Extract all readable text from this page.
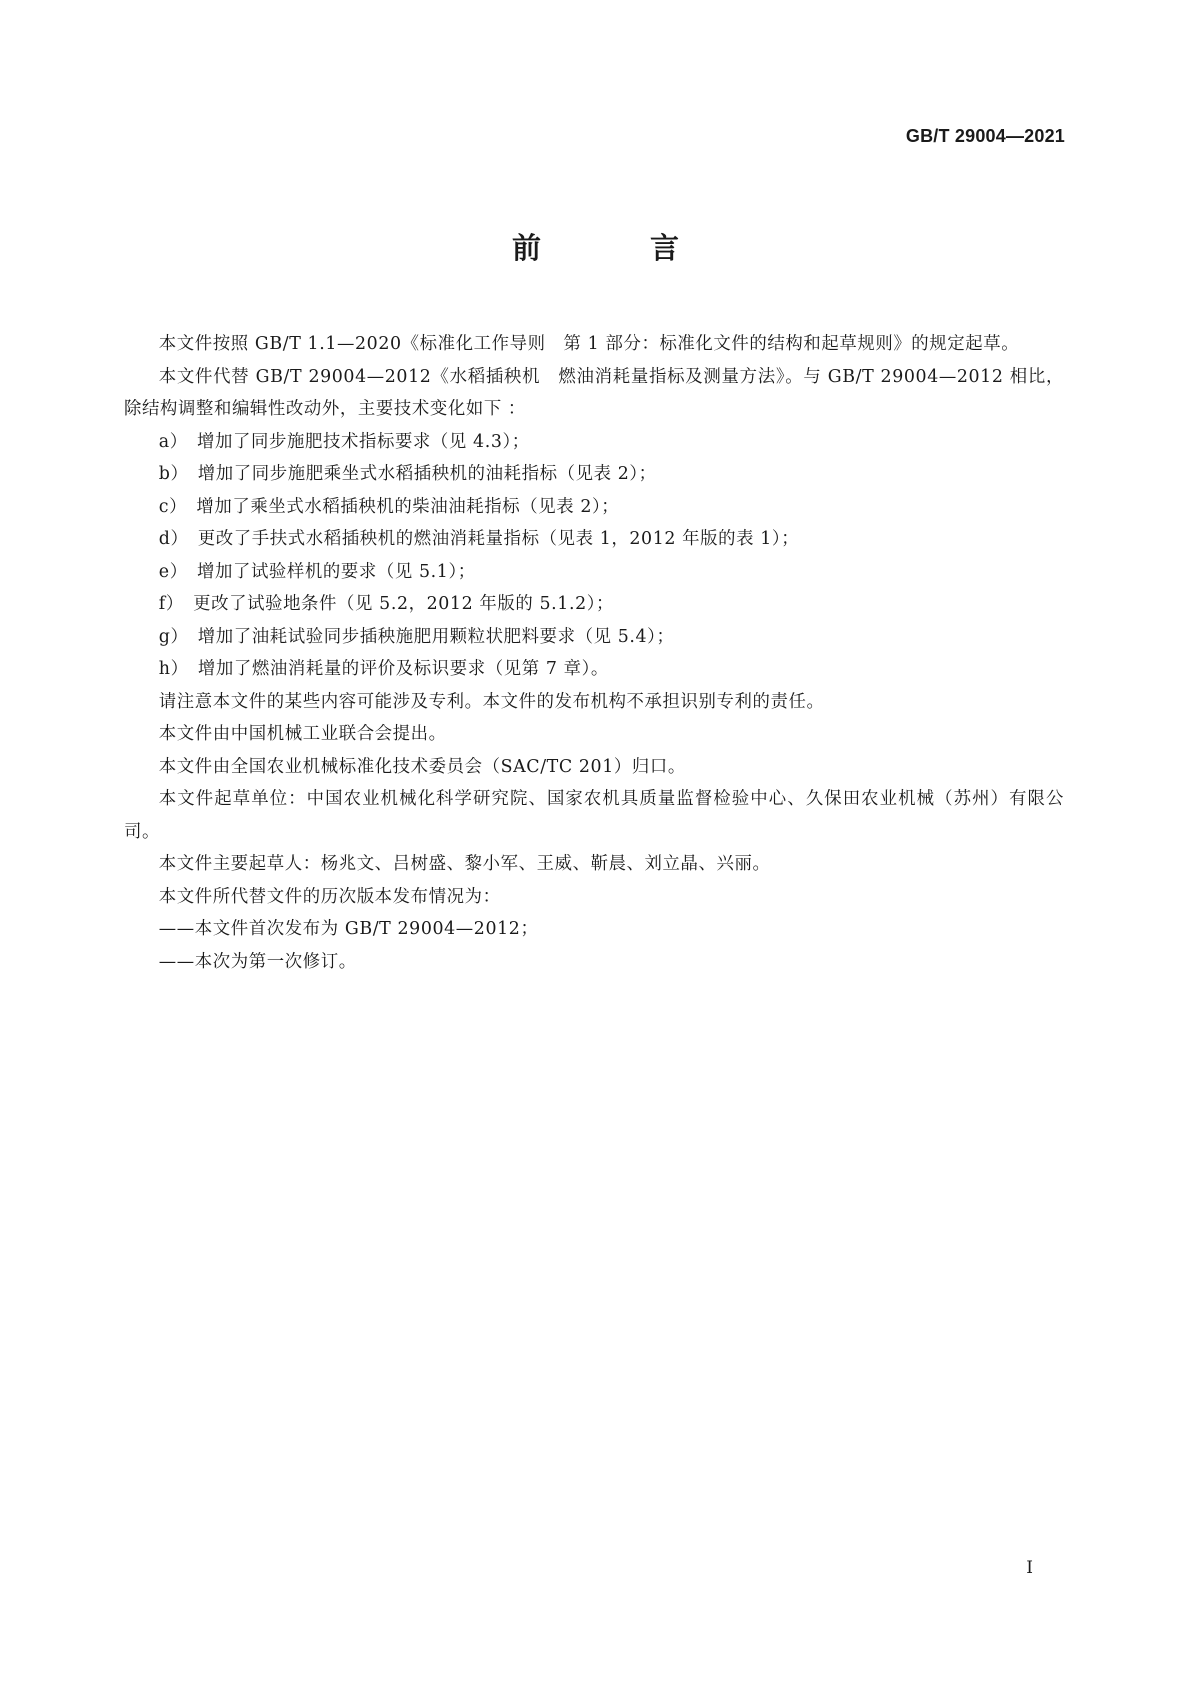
GB/T 29004—2021
前　言

本文件按照 GB/T 1.1—2020《标准化工作导则　第 1 部分：标准化文件的结构和起草规则》的规定起草。

本文件代替 GB/T 29004—2012《水稻插秧机　燃油消耗量指标及测量方法》。与 GB/T 29004—2012 相比，除结构调整和编辑性改动外，主要技术变化如下 ：

a）　增加了同步施肥技术指标要求（见 4.3）；

b）　增加了同步施肥乘坐式水稻插秧机的油耗指标（见表 2）；

c）　增加了乘坐式水稻插秧机的柴油油耗指标（见表 2）；

d）　更改了手扶式水稻插秧机的燃油消耗量指标（见表 1，2012 年版的表 1）；

e）　增加了试验样机的要求（见 5.1）；

f）　更改了试验地条件（见 5.2，2012 年版的 5.1.2）；

g）　增加了油耗试验同步插秧施肥用颗粒状肥料要求（见 5.4）；

h）　增加了燃油消耗量的评价及标识要求（见第 7 章）。

请注意本文件的某些内容可能涉及专利。本文件的发布机构不承担识别专利的责任。

本文件由中国机械工业联合会提出。

本文件由全国农业机械标准化技术委员会（SAC/TC 201）归口。

本文件起草单位：中国农业机械化科学研究院、国家农机具质量监督检验中心、久保田农业机械（苏州）有限公司。

本文件主要起草人：杨兆文、吕树盛、黎小军、王威、靳晨、刘立晶、兴丽。

本文件所代替文件的历次版本发布情况为：

——本文件首次发布为 GB/T 29004—2012；

——本次为第一次修订。

I
